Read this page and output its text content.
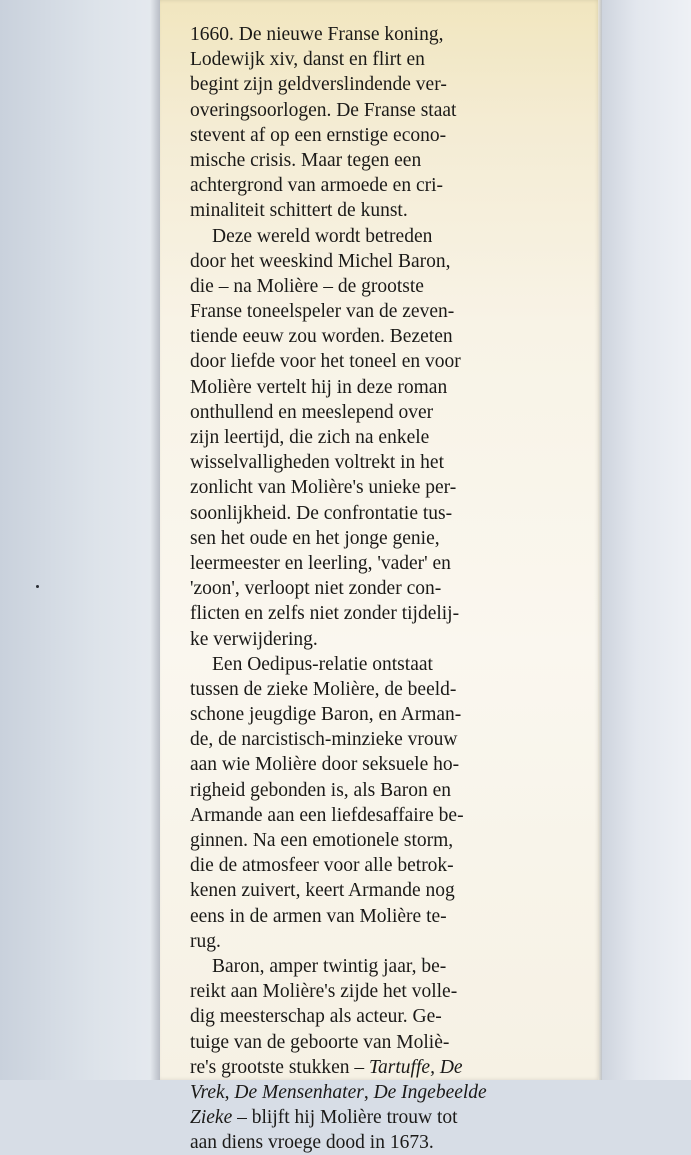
1660. De nieuwe Franse koning,
Lodewijk xiv, danst en flirt en
begint zijn geldverslindende ver-
overingsoorlogen. De Franse staat
stevent af op een ernstige econo-
mische crisis. Maar tegen een
achtergrond van armoede en cri-
minaliteit schittert de kunst.
Deze wereld wordt betreden
door het weeskind Michel Baron,
die – na Molière – de grootste
Franse toneelspeler van de zeven-
tiende eeuw zou worden. Bezeten
door liefde voor het toneel en voor
Molière vertelt hij in deze roman
onthullend en meeslepend over
zijn leertijd, die zich na enkele
wisselvalligheden voltrekt in het
zonlicht van Molière's unieke per-
soonlijkheid. De confrontatie tus-
sen het oude en het jonge genie,
leermeester en leerling, 'vader' en
'zoon', verloopt niet zonder con-
flicten en zelfs niet zonder tijdelij-
ke verwijdering.
Een Oedipus-relatie ontstaat
tussen de zieke Molière, de beeld-
schone jeugdige Baron, en Arman-
de, de narcistisch-minzieke vrouw
aan wie Molière door seksuele ho-
righeid gebonden is, als Baron en
Armande aan een liefdesaffaire be-
ginnen. Na een emotionele storm,
die de atmosfeer voor alle betrok-
kenen zuivert, keert Armande nog
eens in de armen van Molière te-
rug.
Baron, amper twintig jaar, be-
reikt aan Molière's zijde het volle-
dig meesterschap als acteur. Ge-
tuige van de geboorte van Moliè-
re's grootste stukken – Tartuffe, De
Vrek, De Mensenhater, De Ingebeelde
Zieke – blijft hij Molière trouw tot
aan diens vroege dood in 1673.
